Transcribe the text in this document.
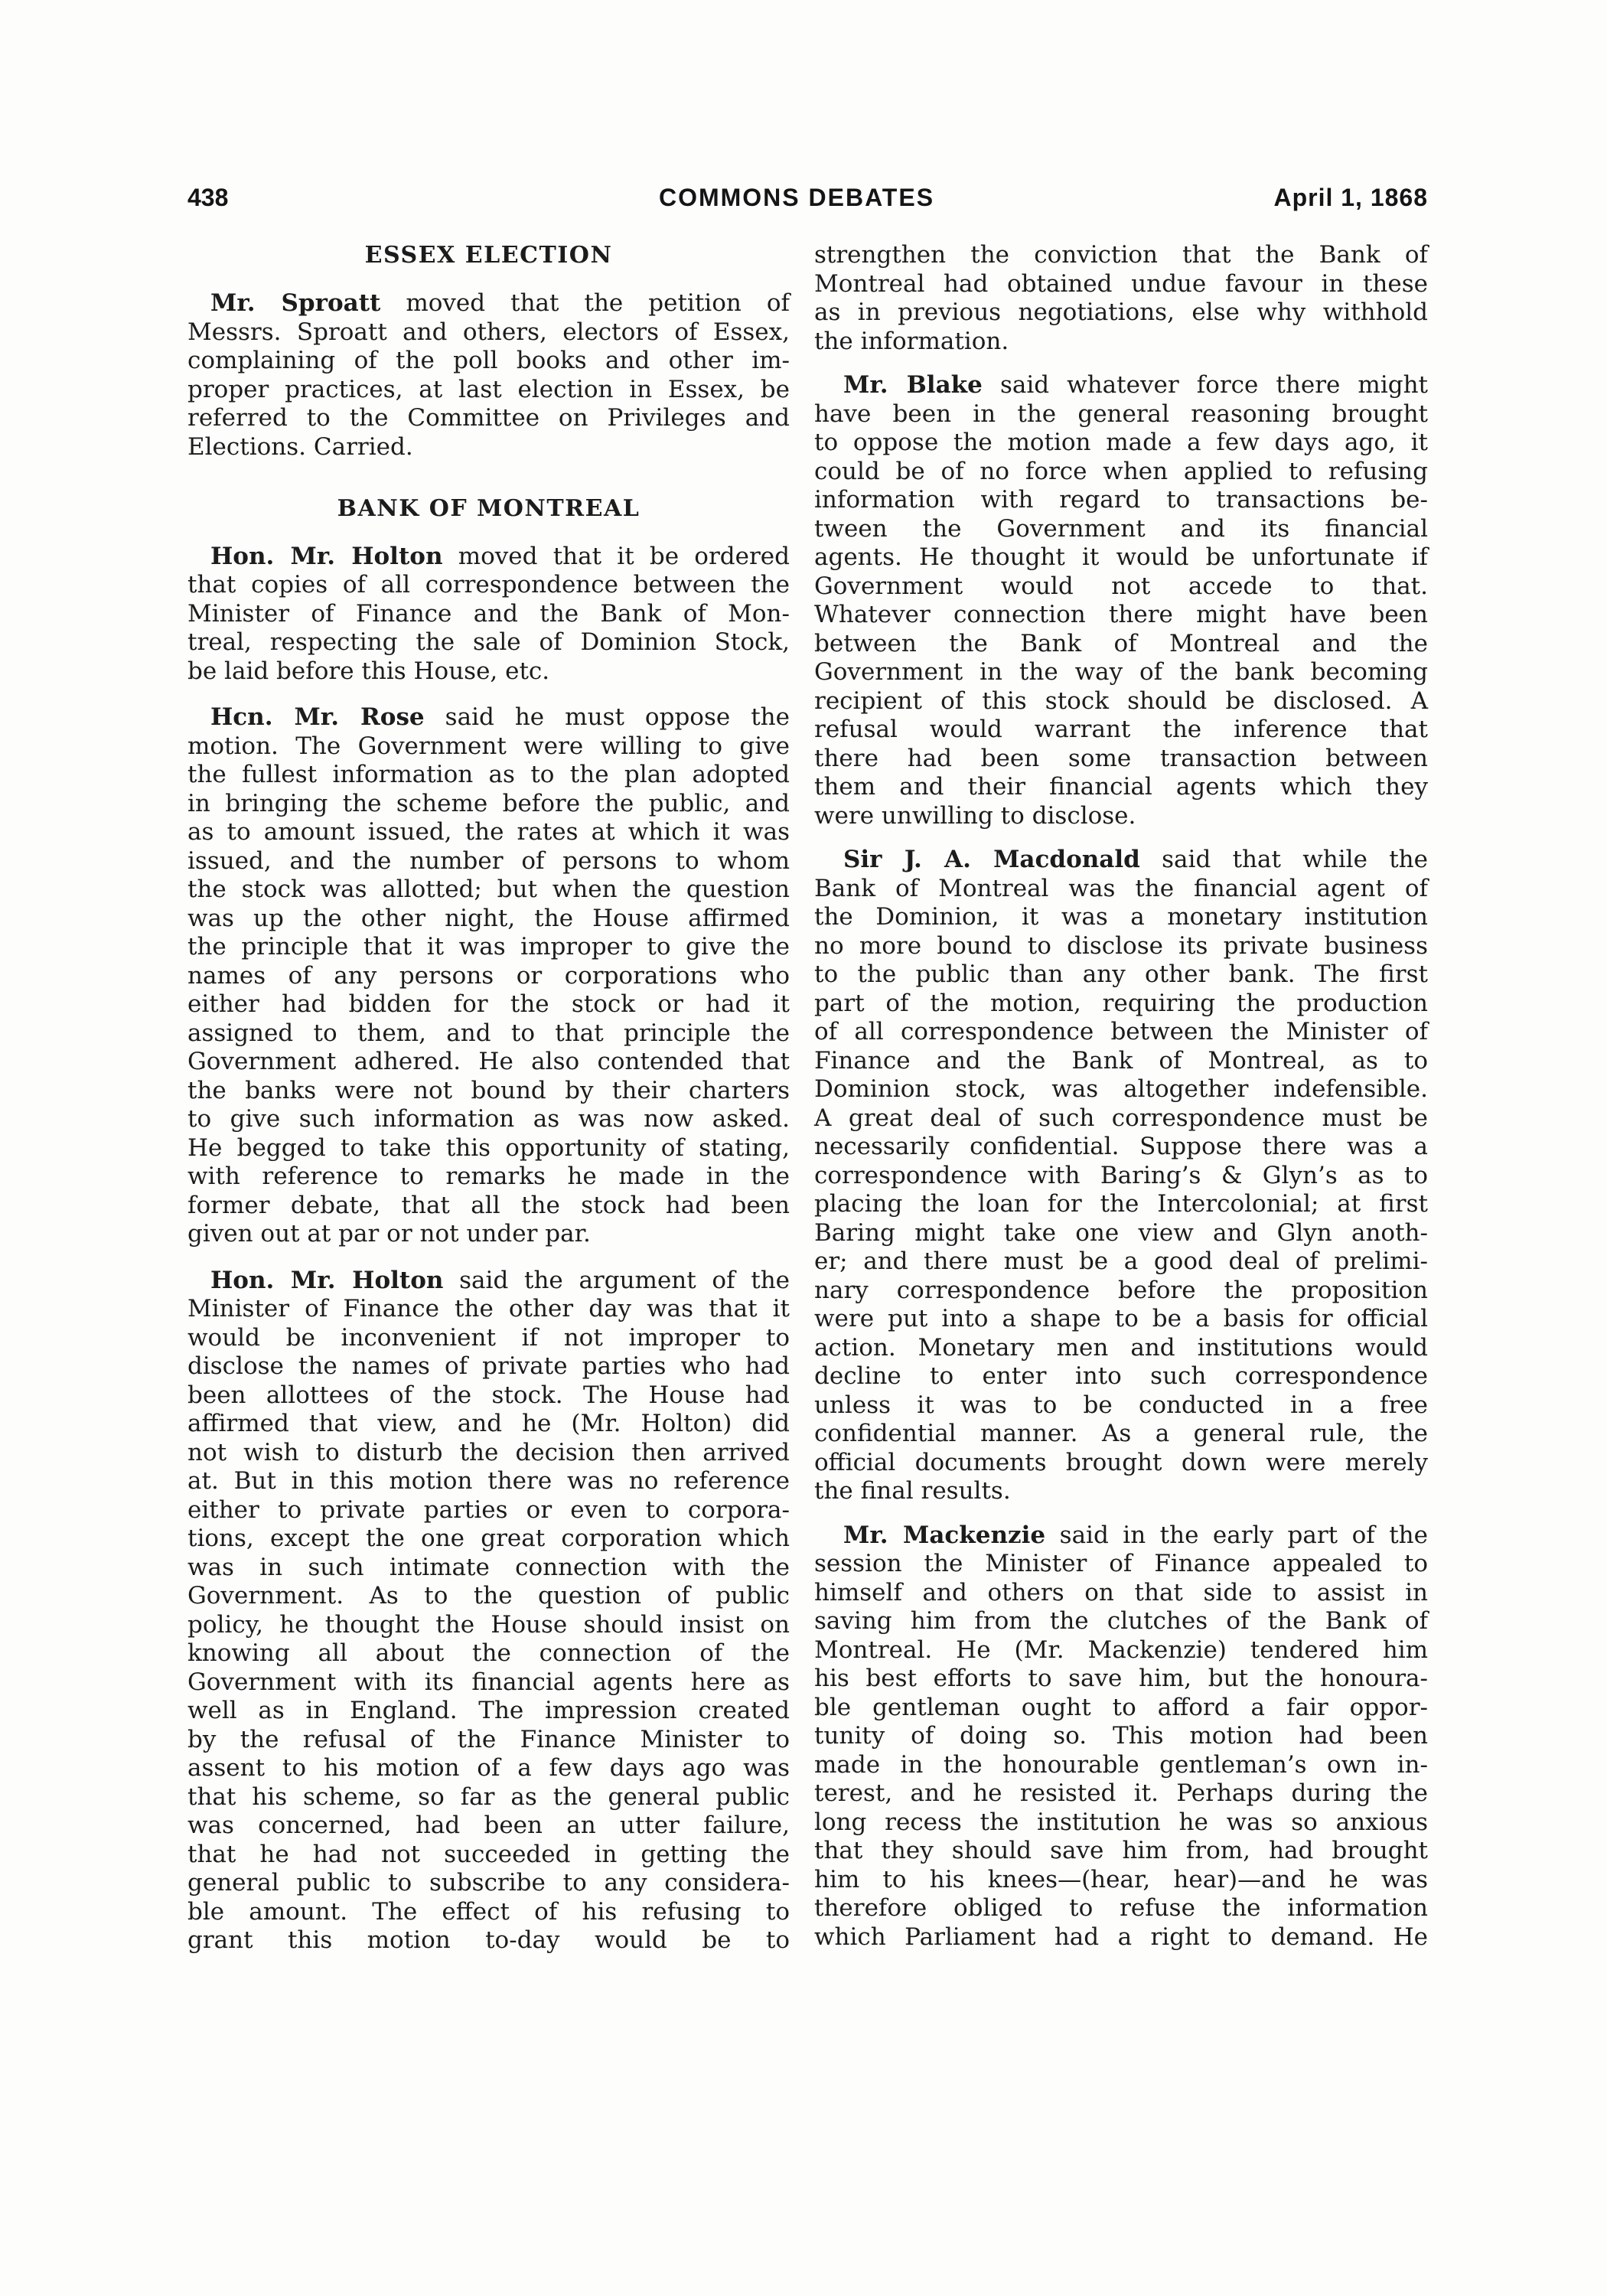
438	COMMONS DEBATES	April 1, 1868
ESSEX ELECTION
Mr. Sproatt moved that the petition of
Messrs. Sproatt and others, electors of Essex,
complaining of the poll books and other im-
proper practices, at last election in Essex, be
referred to the Committee on Privileges and
Elections. Carried.
BANK OF MONTREAL
Hon. Mr. Holton moved that it be ordered
that copies of all correspondence between the
Minister of Finance and the Bank of Mon-
treal, respecting the sale of Dominion Stock,
be laid before this House, etc.
Hcn. Mr. Rose said he must oppose the
motion. The Government were willing to give
the fullest information as to the plan adopted
in bringing the scheme before the public, and
as to amount issued, the rates at which it was
issued, and the number of persons to whom
the stock was allotted; but when the question
was up the other night, the House affirmed
the principle that it was improper to give the
names of any persons or corporations who
either had bidden for the stock or had it
assigned to them, and to that principle the
Government adhered. He also contended that
the banks were not bound by their charters
to give such information as was now asked.
He begged to take this opportunity of stating,
with reference to remarks he made in the
former debate, that all the stock had been
given out at par or not under par.
Hon. Mr. Holton said the argument of the
Minister of Finance the other day was that it
would be inconvenient if not improper to
disclose the names of private parties who had
been allottees of the stock. The House had
affirmed that view, and he (Mr. Holton) did
not wish to disturb the decision then arrived
at. But in this motion there was no reference
either to private parties or even to corpora-
tions, except the one great corporation which
was in such intimate connection with the
Government. As to the question of public
policy, he thought the House should insist on
knowing all about the connection of the
Government with its financial agents here as
well as in England. The impression created
by the refusal of the Finance Minister to
assent to his motion of a few days ago was
that his scheme, so far as the general public
was concerned, had been an utter failure,
that he had not succeeded in getting the
general public to subscribe to any considera-
ble amount. The effect of his refusing to
grant this motion to-day would be to
strengthen the conviction that the Bank of
Montreal had obtained undue favour in these
as in previous negotiations, else why withhold
the information.
Mr. Blake said whatever force there might
have been in the general reasoning brought
to oppose the motion made a few days ago, it
could be of no force when applied to refusing
information with regard to transactions be-
tween the Government and its financial
agents. He thought it would be unfortunate if
Government would not accede to that.
Whatever connection there might have been
between the Bank of Montreal and the
Government in the way of the bank becoming
recipient of this stock should be disclosed. A
refusal would warrant the inference that
there had been some transaction between
them and their financial agents which they
were unwilling to disclose.
Sir J. A. Macdonald said that while the
Bank of Montreal was the financial agent of
the Dominion, it was a monetary institution
no more bound to disclose its private business
to the public than any other bank. The first
part of the motion, requiring the production
of all correspondence between the Minister of
Finance and the Bank of Montreal, as to
Dominion stock, was altogether indefensible.
A great deal of such correspondence must be
necessarily confidential. Suppose there was a
correspondence with Baring’s & Glyn’s as to
placing the loan for the Intercolonial; at first
Baring might take one view and Glyn anoth-
er; and there must be a good deal of prelimi-
nary correspondence before the proposition
were put into a shape to be a basis for official
action. Monetary men and institutions would
decline to enter into such correspondence
unless it was to be conducted in a free
confidential manner. As a general rule, the
official documents brought down were merely
the final results.
Mr. Mackenzie said in the early part of the
session the Minister of Finance appealed to
himself and others on that side to assist in
saving him from the clutches of the Bank of
Montreal. He (Mr. Mackenzie) tendered him
his best efforts to save him, but the honoura-
ble gentleman ought to afford a fair oppor-
tunity of doing so. This motion had been
made in the honourable gentleman’s own in-
terest, and he resisted it. Perhaps during the
long recess the institution he was so anxious
that they should save him from, had brought
him to his knees—(hear, hear)—and he was
therefore obliged to refuse the information
which Parliament had a right to demand. He
